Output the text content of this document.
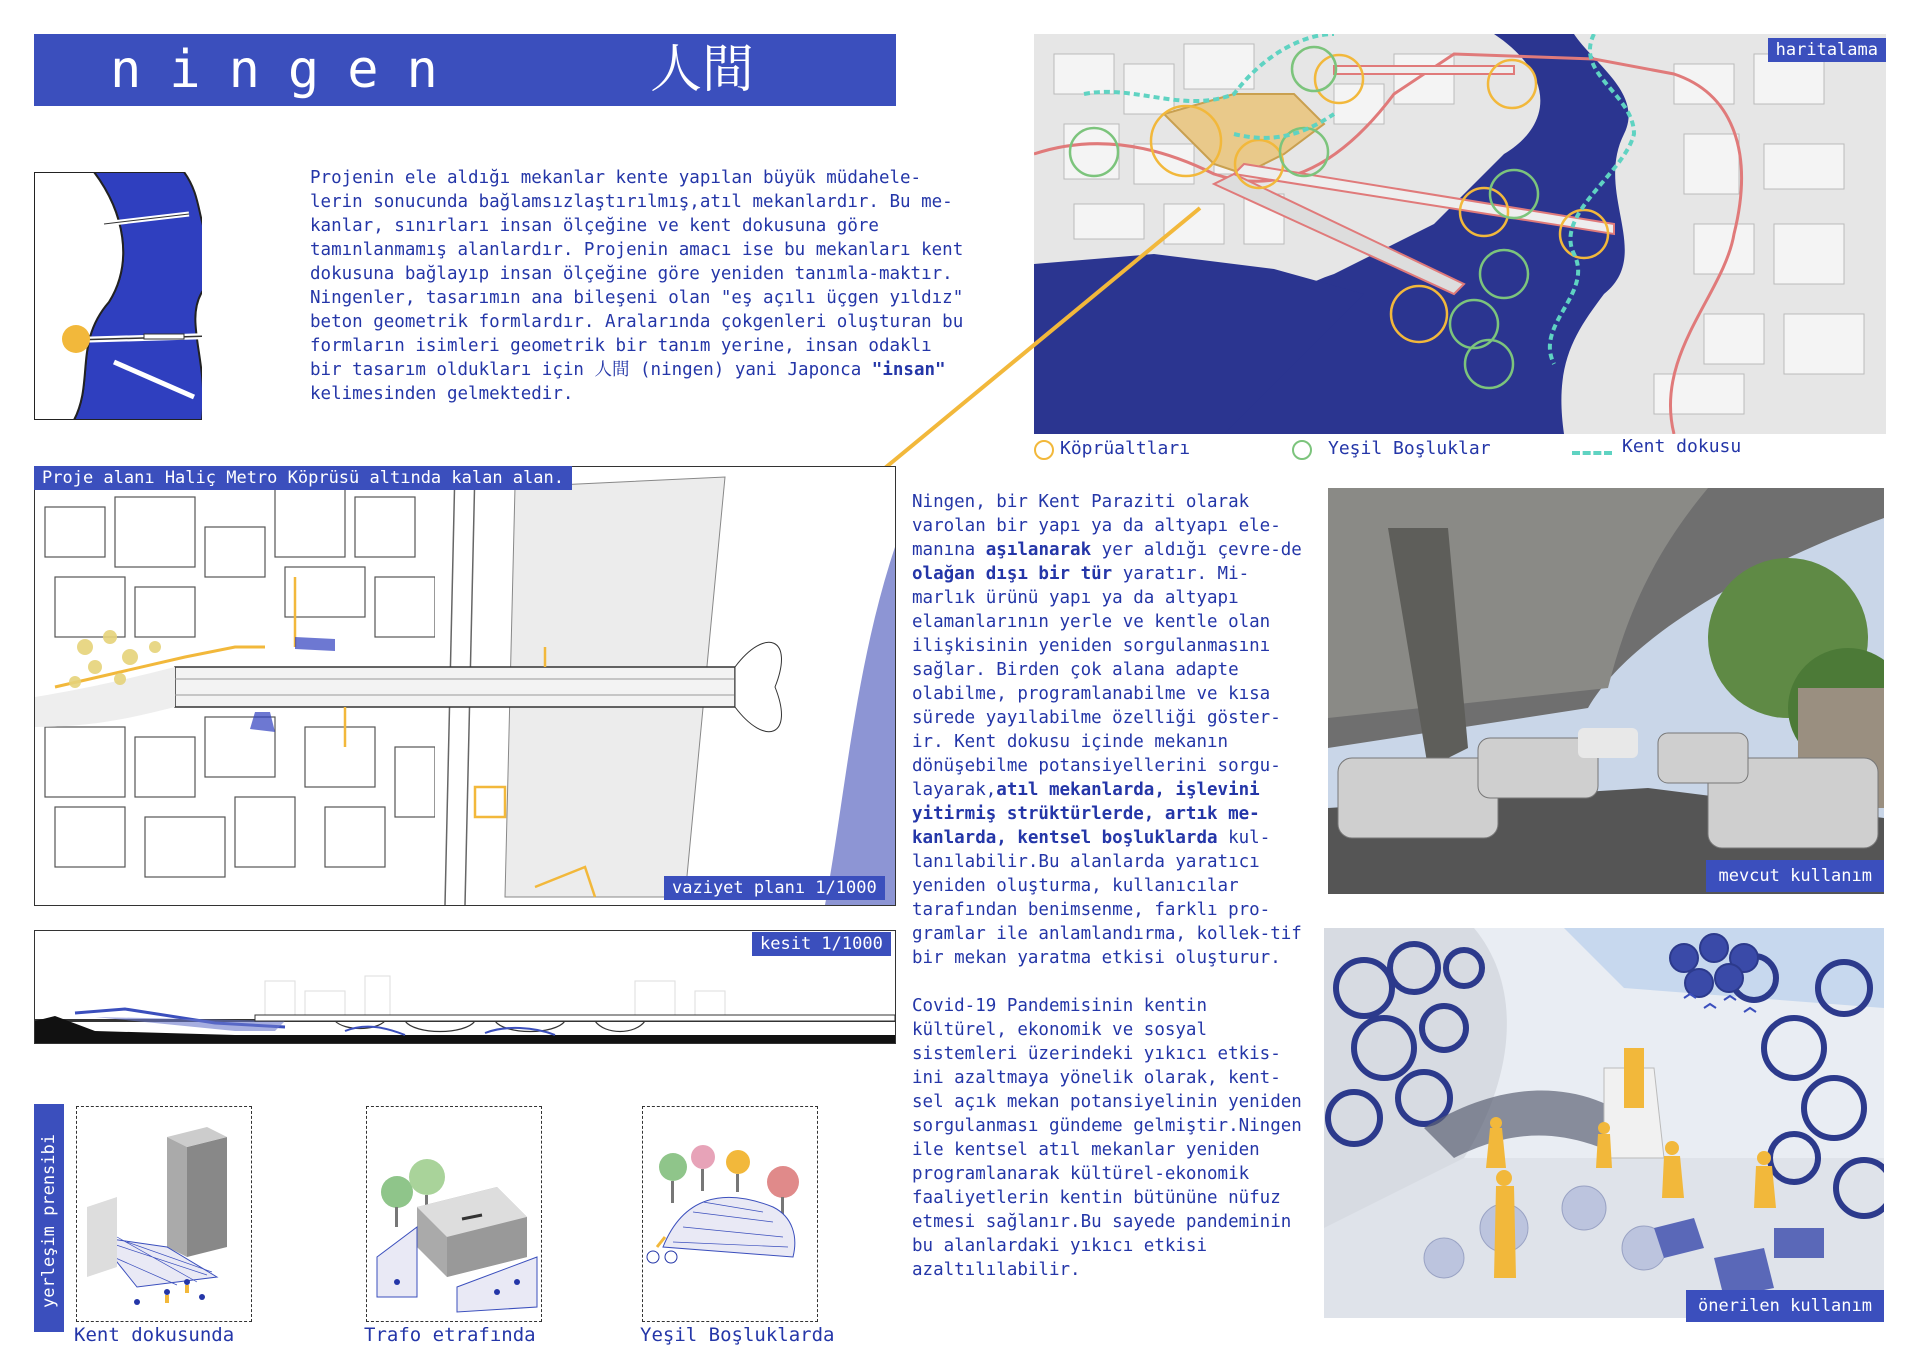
ningen	人間
Projenin ele aldığı mekanlar kente yapılan büyük müdahele-lerin sonucunda bağlamsızlaştırılmış,atıl mekanlardır. Bu me-kanlar, sınırları insan ölçeğine ve kent dokusuna göre tamınlanmamış alanlardır. Projenin amacı ise bu mekanları kent dokusuna bağlayıp insan ölçeğine göre yeniden tanımla-maktır.
Ningenler, tasarımın ana bileşeni olan "eş açılı üçgen yıldız" beton geometrik formlardır. Aralarında çokgenleri oluşturan bu formların isimleri geometrik bir tanım yerine, insan odaklı bir tasarım oldukları için 人間 (ningen) yani Japonca "insan" kelimesinden gelmektedir.
haritalama
Köprüaltları	Yeşil Boşluklar	Kent dokusu
Proje alanı Haliç Metro Köprüsü altında kalan alan.
vaziyet planı 1/1000
kesit 1/1000
yerleşim prensibi
Kent dokusunda	Trafo etrafında	Yeşil Boşluklarda
Ningen, bir Kent Paraziti olarak varolan bir yapı ya da altyapı ele-manına aşılanarak yer aldığı çevre-de olağan dışı bir tür yaratır. Mi-marlık ürünü yapı ya da altyapı elamanlarının yerle ve kentle olan ilişkisinin yeniden sorgulanmasını sağlar. Birden çok alana adapte olabilme, programlanabilme ve kısa sürede yayılabilme özelliği göster-ir. Kent dokusu içinde mekanın dönüşebilme potansiyellerini sorgu-layarak,atıl mekanlarda, işlevini yitirmiş strüktürlerde, artık me-kanlarda, kentsel boşluklarda kul-lanılabilir.Bu alanlarda yaratıcı yeniden oluşturma, kullanıcılar tarafından benimsenme, farklı pro-gramlar ile anlamlandırma, kollek-tif bir mekan yaratma etkisi oluşturur.
Covid-19 Pandemisinin kentin kültürel, ekonomik ve sosyal sistemleri üzerindeki yıkıcı etkis-ini azaltmaya yönelik olarak, kent-sel açık mekan potansiyelinin yeniden sorgulanması gündeme gelmiştir.Ningen ile kentsel atıl mekanlar yeniden programlanarak kültürel-ekonomik faaliyetlerin kentin bütününe nüfuz etmesi sağlanır.Bu sayede pandeminin bu alanlardaki yıkıcı etkisi azaltılılabilir.
mevcut kullanım
önerilen kullanım
